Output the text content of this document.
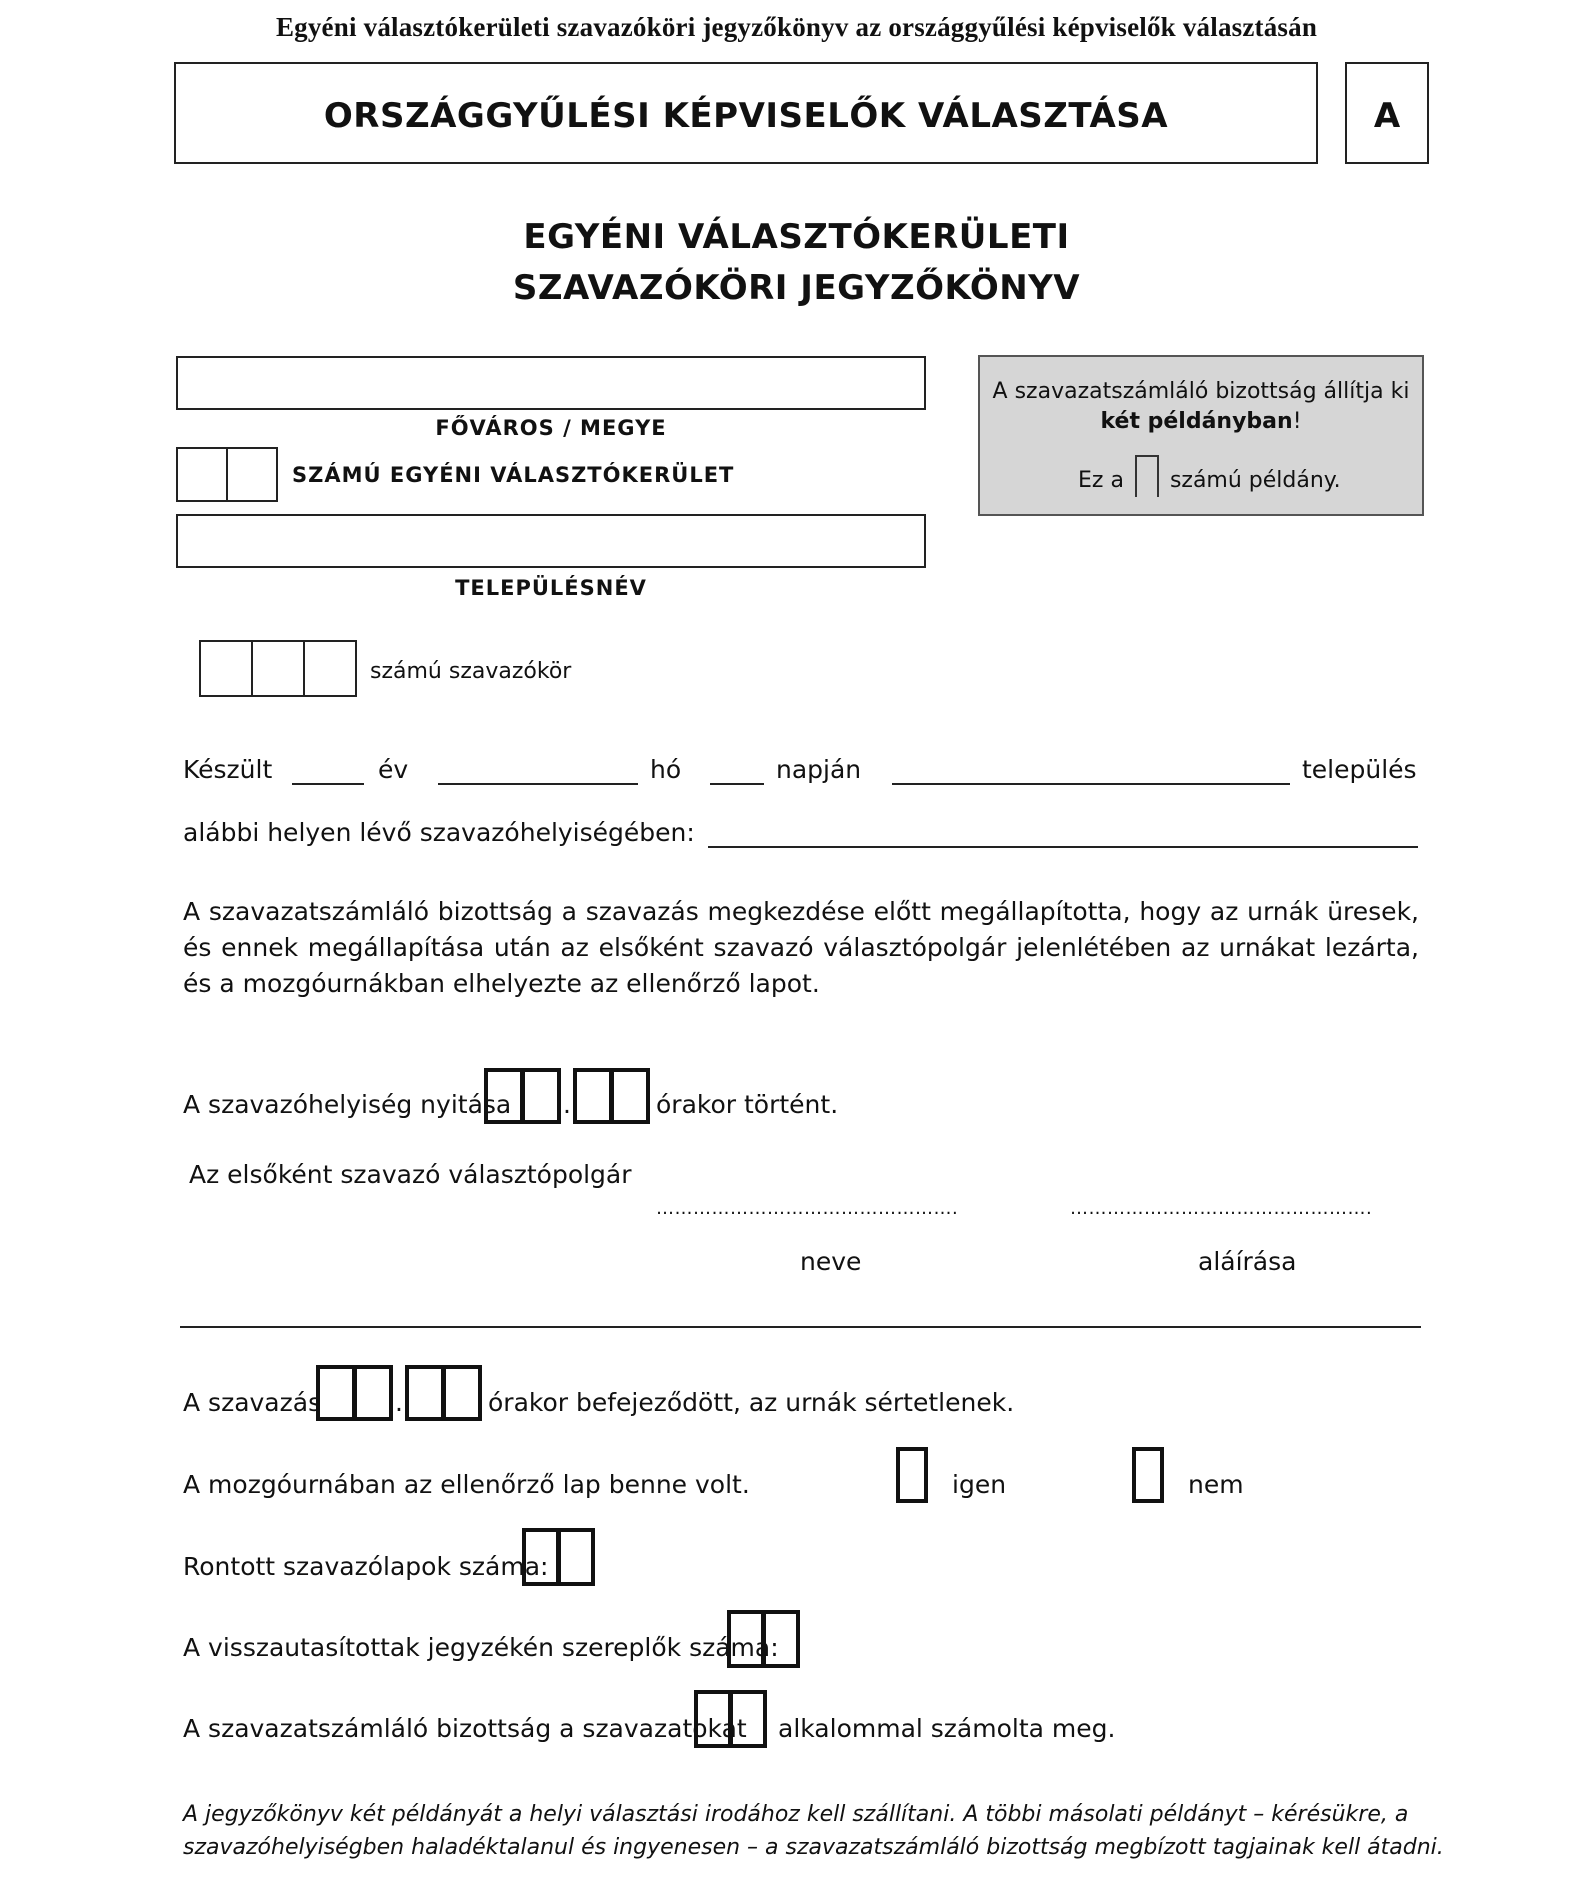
Egyéni választókerületi szavazóköri jegyzőkönyv az országgyűlési képviselők választásán
ORSZÁGGYŰLÉSI KÉPVISELŐK VÁLASZTÁSA	A
EGYÉNI VÁLASZTÓKERÜLETI
SZAVAZÓKÖRI JEGYZŐKÖNYV
FŐVÁROS / MEGYE
SZÁMÚ EGYÉNI VÁLASZTÓKERÜLET
A szavazatszámláló bizottság állítja ki
két példányban!
Ez a számú példány.
TELEPÜLÉSNÉV
számú szavazókör
Készült	év	hó	napján	település
alábbi helyen lévő szavazóhelyiségében:
A szavazatszámláló bizottság a szavazás megkezdése előtt megállapította, hogy az urnák üresek, és ennek megállapítása után az elsőként szavazó választópolgár jelenlétében az urnákat lezárta, és a mozgóurnákban elhelyezte az ellenőrző lapot.
A szavazóhelyiség nyitása .	órakor történt.
Az elsőként szavazó választópolgár
………………………………………….	………………………………………….
neve	aláírása
A szavazás	.	órakor befejeződött, az urnák sértetlenek.
A mozgóurnában az ellenőrző lap benne volt.	igen	nem
Rontott szavazólapok száma:
A visszautasítottak jegyzékén szereplők száma:
A szavazatszámláló bizottság a szavazatokat alkalommal számolta meg.
A jegyzőkönyv két példányát a helyi választási irodához kell szállítani. A többi másolati példányt – kérésükre, a
szavazóhelyiségben haladéktalanul és ingyenesen – a szavazatszámláló bizottság megbízott tagjainak kell átadni.
